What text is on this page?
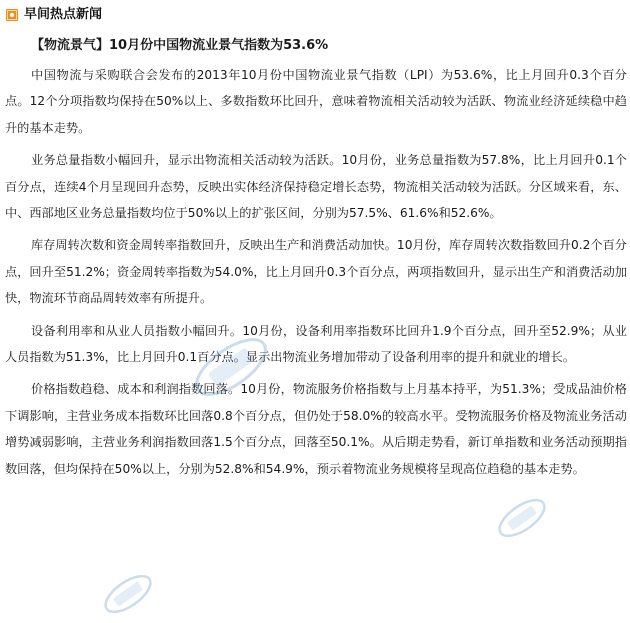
早间热点新闻
【物流景气】10月份中国物流业景气指数为53.6%

中国物流与采购联合会发布的2013年10月份中国物流业景气指数（LPI）为53.6%，比上月回升0.3个百分点。12个分项指数均保持在50%以上、多数指数环比回升，意味着物流相关活动较为活跃、物流业经济延续稳中趋升的基本走势。

业务总量指数小幅回升，显示出物流相关活动较为活跃。10月份，业务总量指数为57.8%，比上月回升0.1个百分点，连续4个月呈现回升态势，反映出实体经济保持稳定增长态势，物流相关活动较为活跃。分区域来看，东、中、西部地区业务总量指数均位于50%以上的扩张区间，分别为57.5%、61.6%和52.6%。

库存周转次数和资金周转率指数回升，反映出生产和消费活动加快。10月份，库存周转次数指数回升0.2个百分点，回升至51.2%；资金周转率指数为54.0%，比上月回升0.3个百分点，两项指数回升，显示出生产和消费活动加快，物流环节商品周转效率有所提升。

设备利用率和从业人员指数小幅回升。10月份，设备利用率指数环比回升1.9个百分点，回升至52.9%；从业人员指数为51.3%，比上月回升0.1百分点。显示出物流业务增加带动了设备利用率的提升和就业的增长。

价格指数趋稳、成本和利润指数回落。10月份，物流服务价格指数与上月基本持平，为51.3%；受成品油价格下调影响，主营业务成本指数环比回落0.8个百分点，但仍处于58.0%的较高水平。受物流服务价格及物流业务活动增势减弱影响，主营业务利润指数回落1.5个百分点，回落至50.1%。从后期走势看，新订单指数和业务活动预期指数回落，但均保持在50%以上，分别为52.8%和54.9%，预示着物流业务规模将呈现高位趋稳的基本走势。
